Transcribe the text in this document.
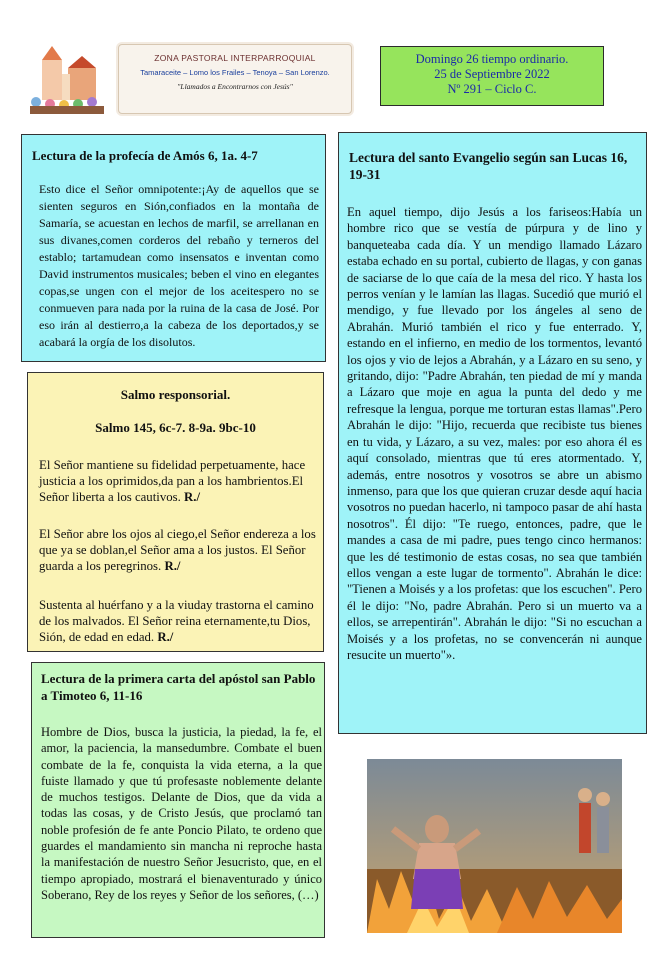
ZONA PASTORAL INTERPARROQUIAL
Tamaraceite – Lomo los Frailes – Tenoya – San Lorenzo.
"Llamados a Encontrarnos con Jesús"
Domingo 26 tiempo ordinario.
25 de Septiembre 2022
Nº 291 – Ciclo C.
Lectura de la profecía de Amós 6, 1a. 4-7

Esto dice el Señor omnipotente:¡Ay de aquellos que se sienten seguros en Sión,confiados en la montaña de Samaría, se acuestan en lechos de marfil, se arrellanan en sus divanes,comen corderos del rebaño y terneros del establo; tartamudean como insensatos e inventan como David instrumentos musicales; beben el vino en elegantes copas,se ungen con el mejor de los aceitespero no se conmueven para nada por la ruina de la casa de José. Por eso irán al destierro,a la cabeza de los deportados,y se acabará la orgía de los disolutos.

Salmo responsorial.
Salmo 145, 6c-7. 8-9a. 9bc-10

El Señor mantiene su fidelidad perpetuamente, hace justicia a los oprimidos,da pan a los hambrientos.El Señor liberta a los cautivos. R./

El Señor abre los ojos al ciego,el Señor endereza a los que ya se doblan,el Señor ama a los justos. El Señor guarda a los peregrinos. R./

Sustenta al huérfano y a la viuday trastorna el camino de los malvados. El Señor reina eternamente,tu Dios, Sión, de edad en edad. R./

Lectura de la primera carta del apóstol san Pablo a Timoteo 6, 11-16

Hombre de Dios, busca la justicia, la piedad, la fe, el amor, la paciencia, la mansedumbre. Combate el buen combate de la fe, conquista la vida eterna, a la que fuiste llamado y que tú profesaste noblemente delante de muchos testigos. Delante de Dios, que da vida a todas las cosas, y de Cristo Jesús, que proclamó tan noble profesión de fe ante Poncio Pilato, te ordeno que guardes el mandamiento sin mancha ni reproche hasta la manifestación de nuestro Señor Jesucristo, que, en el tiempo apropiado, mostrará el bienaventurado y único Soberano, Rey de los reyes y Señor de los señores, (…)

Lectura del santo Evangelio según san Lucas 16, 19-31

En aquel tiempo, dijo Jesús a los fariseos:Había un hombre rico que se vestía de púrpura y de lino y banqueteaba cada día. Y un mendigo llamado Lázaro estaba echado en su portal, cubierto de llagas, y con ganas de saciarse de lo que caía de la mesa del rico. Y hasta los perros venían y le lamían las llagas. Sucedió que murió el mendigo, y fue llevado por los ángeles al seno de Abrahán. Murió también el rico y fue enterrado. Y, estando en el infierno, en medio de los tormentos, levantó los ojos y vio de lejos a Abrahán, y a Lázaro en su seno, y gritando, dijo: "Padre Abrahán, ten piedad de mí y manda a Lázaro que moje en agua la punta del dedo y me refresque la lengua, porque me torturan estas llamas".Pero Abrahán le dijo: "Hijo, recuerda que recibiste tus bienes en tu vida, y Lázaro, a su vez, males: por eso ahora él es aquí consolado, mientras que tú eres atormentado. Y, además, entre nosotros y vosotros se abre un abismo inmenso, para que los que quieran cruzar desde aquí hacia vosotros no puedan hacerlo, ni tampoco pasar de ahí hasta nosotros". Él dijo: "Te ruego, entonces, padre, que le mandes a casa de mi padre, pues tengo cinco hermanos: que les dé testimonio de estas cosas, no sea que también ellos vengan a este lugar de tormento". Abrahán le dice: "Tienen a Moisés y a los profetas: que los escuchen". Pero él le dijo: "No, padre Abrahán. Pero si un muerto va a ellos, se arrepentirán". Abrahán le dijo: "Si no escuchan a Moisés y a los profetas, no se convencerán ni aunque resucite un muerto"».
